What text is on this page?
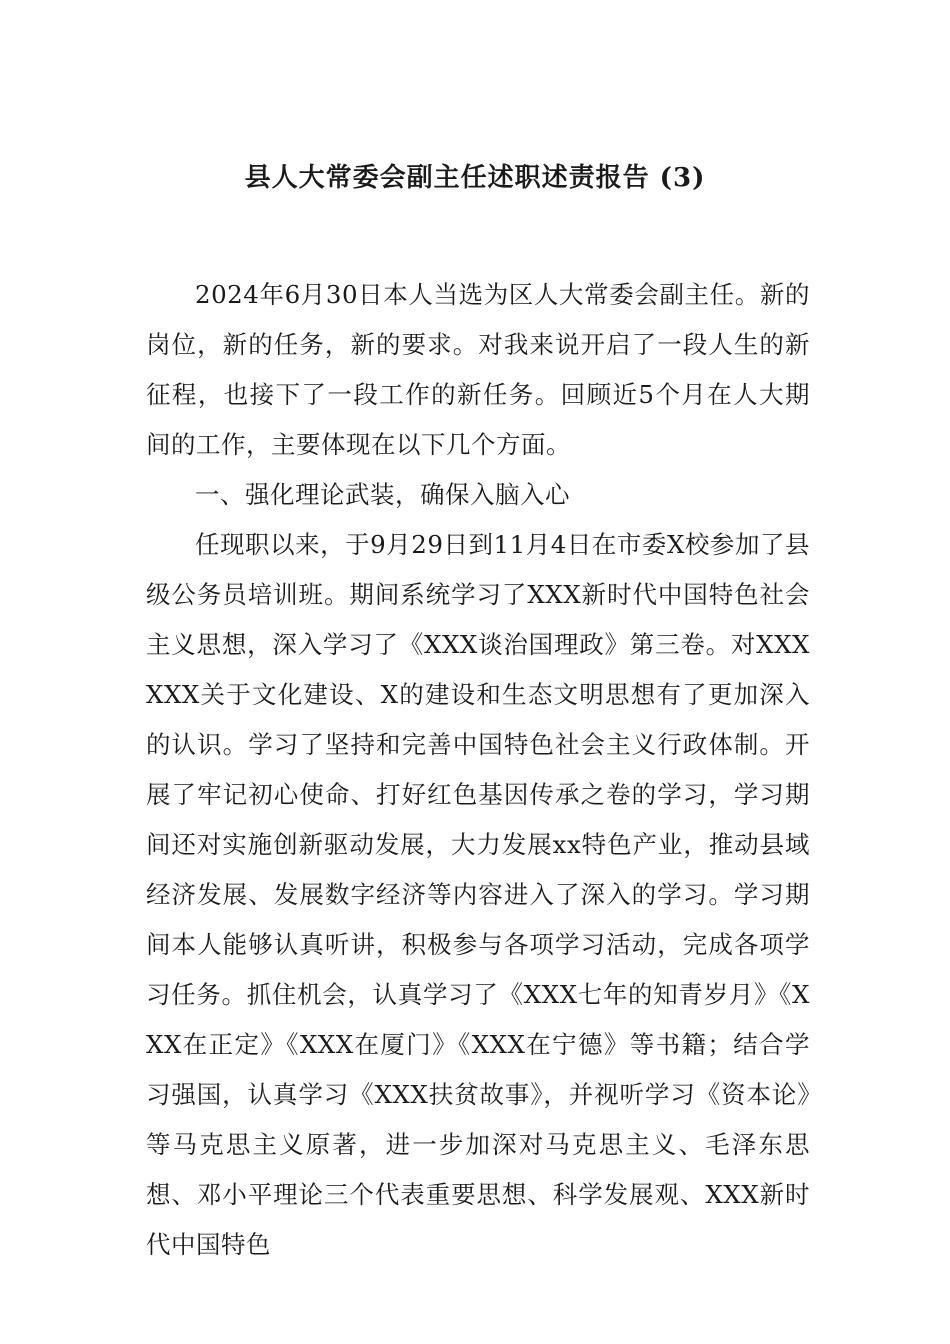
县人大常委会副主任述职述责报告 (3)

2024年6月30日本人当选为区人大常委会副主任。新的岗位，新的任务，新的要求。对我来说开启了一段人生的新征程，也接下了一段工作的新任务。回顾近5个月在人大期间的工作，主要体现在以下几个方面。

一、强化理论武装，确保入脑入心

任现职以来，于9月29日到11月4日在市委X校参加了县级公务员培训班。期间系统学习了XXX新时代中国特色社会主义思想，深入学习了《XXX谈治国理政》第三卷。对XXXXXX关于文化建设、X的建设和生态文明思想有了更加深入的认识。学习了坚持和完善中国特色社会主义行政体制。开展了牢记初心使命、打好红色基因传承之卷的学习，学习期间还对实施创新驱动发展，大力发展xx特色产业，推动县域经济发展、发展数字经济等内容进入了深入的学习。学习期间本人能够认真听讲，积极参与各项学习活动，完成各项学习任务。抓住机会，认真学习了《XXX七年的知青岁月》《XXX在正定》《XXX在厦门》《XXX在宁德》等书籍；结合学习强国，认真学习《XXX扶贫故事》，并视听学习《资本论》等马克思主义原著，进一步加深对马克思主义、毛泽东思想、邓小平理论三个代表重要思想、科学发展观、XXX新时代中国特色
